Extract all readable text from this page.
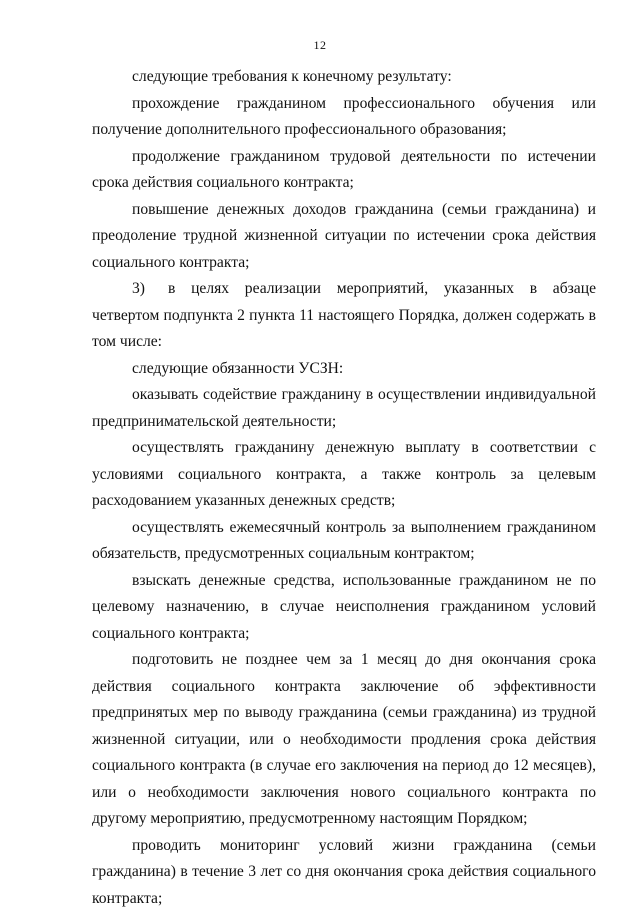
12

следующие требования к конечному результату:

прохождение гражданином профессионального обучения или получение дополнительного профессионального образования;

продолжение гражданином трудовой деятельности по истечении срока действия социального контракта;

повышение денежных доходов гражданина (семьи гражданина) и преодоление трудной жизненной ситуации по истечении срока действия социального контракта;

3) в целях реализации мероприятий, указанных в абзаце четвертом подпункта 2 пункта 11 настоящего Порядка, должен содержать в том числе:

следующие обязанности УСЗН:

оказывать содействие гражданину в осуществлении индивидуальной предпринимательской деятельности;

осуществлять гражданину денежную выплату в соответствии с условиями социального контракта, а также контроль за целевым расходованием указанных денежных средств;

осуществлять ежемесячный контроль за выполнением гражданином обязательств, предусмотренных социальным контрактом;

взыскать денежные средства, использованные гражданином не по целевому назначению, в случае неисполнения гражданином условий социального контракта;

подготовить не позднее чем за 1 месяц до дня окончания срока действия социального контракта заключение об эффективности предпринятых мер по выводу гражданина (семьи гражданина) из трудной жизненной ситуации, или о необходимости продления срока действия социального контракта (в случае его заключения на период до 12 месяцев), или о необходимости заключения нового социального контракта по другому мероприятию, предусмотренному настоящим Порядком;

проводить мониторинг условий жизни гражданина (семьи гражданина) в течение 3 лет со дня окончания срока действия социального контракта;
